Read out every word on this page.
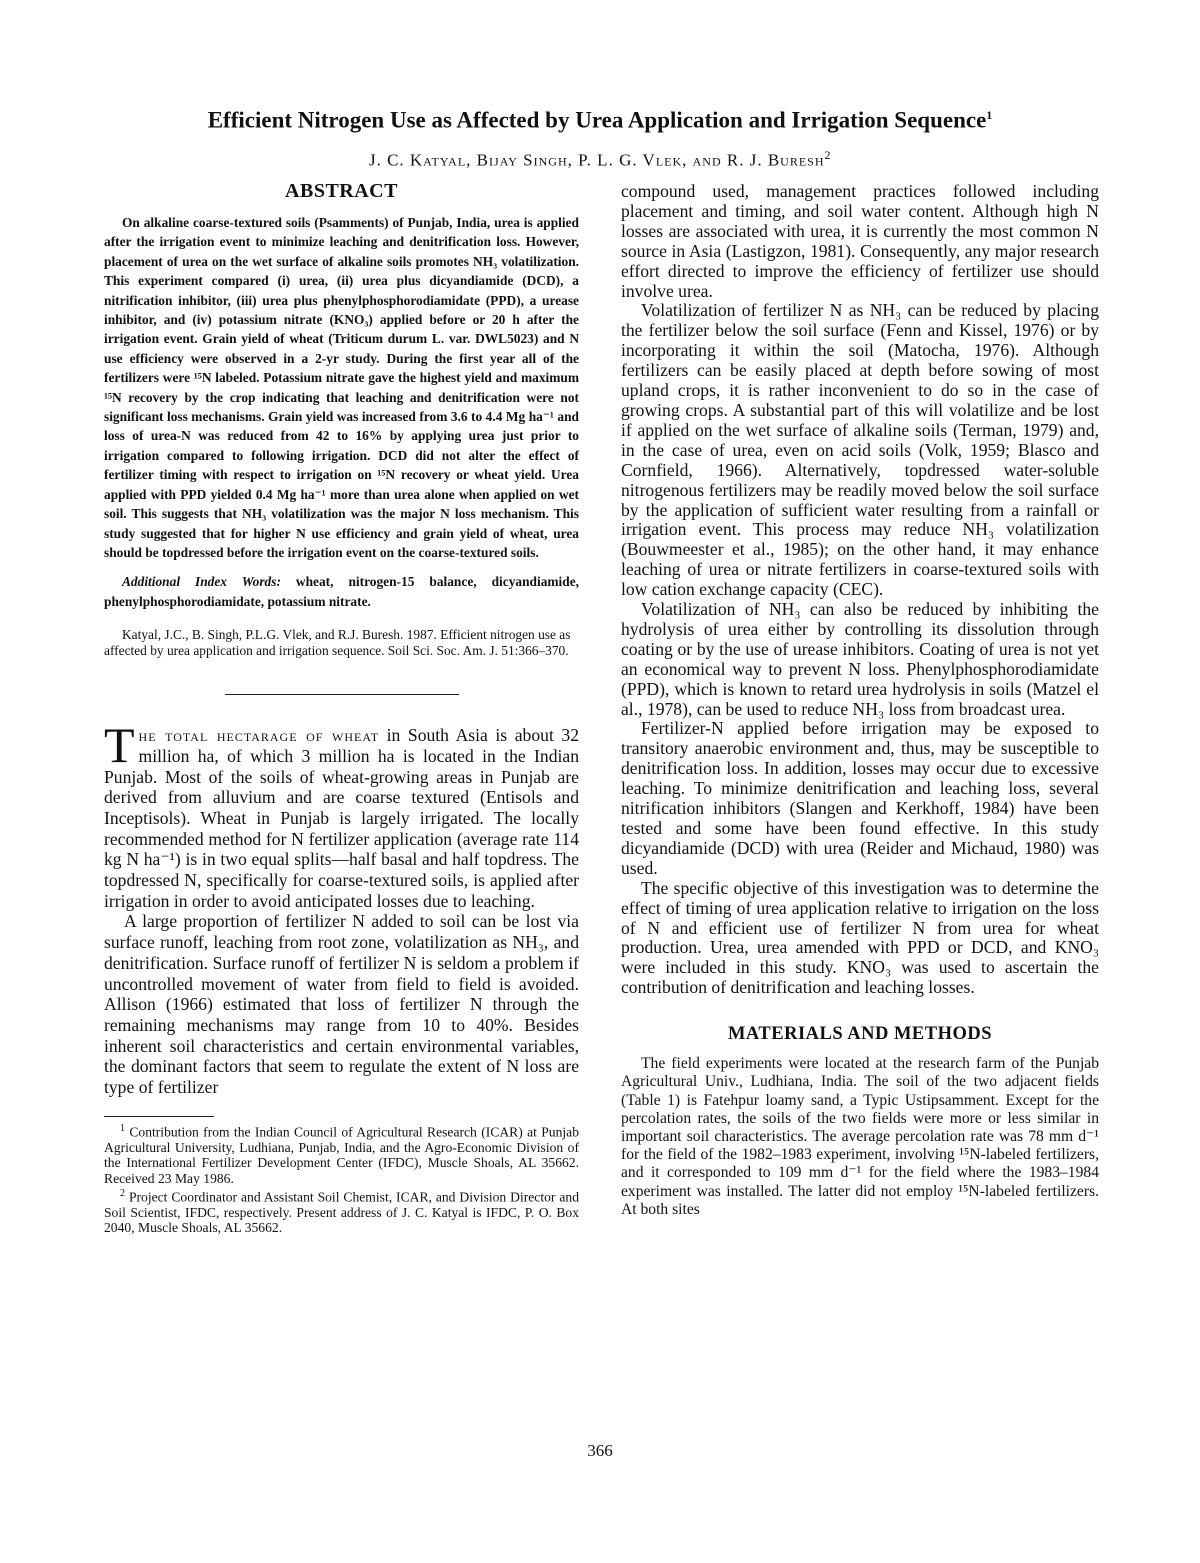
Efficient Nitrogen Use as Affected by Urea Application and Irrigation Sequence$^1$
J. C. Katyal, Bijay Singh, P. L. G. Vlek, and R. J. Buresh$^2$
ABSTRACT

On alkaline coarse-textured soils (Psamments) of Punjab, India, urea is applied after the irrigation event to minimize leaching and denitrification loss. However, placement of urea on the wet surface of alkaline soils promotes NH₃ volatilization. This experiment compared (i) urea, (ii) urea plus dicyandiamide (DCD), a nitrification inhibitor, (iii) urea plus phenylphosphorodiamidate (PPD), a urease inhibitor, and (iv) potassium nitrate (KNO₃) applied before or 20 h after the irrigation event. Grain yield of wheat (Triticum durum L. var. DWL5023) and N use efficiency were observed in a 2-yr study. During the first year all of the fertilizers were ¹⁵N labeled. Potassium nitrate gave the highest yield and maximum ¹⁵N recovery by the crop indicating that leaching and denitrification were not significant loss mechanisms. Grain yield was increased from 3.6 to 4.4 Mg ha⁻¹ and loss of urea-N was reduced from 42 to 16% by applying urea just prior to irrigation compared to following irrigation. DCD did not alter the effect of fertilizer timing with respect to irrigation on ¹⁵N recovery or wheat yield. Urea applied with PPD yielded 0.4 Mg ha⁻¹ more than urea alone when applied on wet soil. This suggests that NH₃ volatilization was the major N loss mechanism. This study suggested that for higher N use efficiency and grain yield of wheat, urea should be topdressed before the irrigation event on the coarse-textured soils.

Additional Index Words: wheat, nitrogen-15 balance, dicyandiamide, phenylphosphorodiamidate, potassium nitrate.

Katyal, J.C., B. Singh, P.L.G. Vlek, and R.J. Buresh. 1987. Efficient nitrogen use as affected by urea application and irrigation sequence. Soil Sci. Soc. Am. J. 51:366–370.

The total hectarage of wheat in South Asia is about 32 million ha, of which 3 million ha is located in the Indian Punjab. Most of the soils of wheat-growing areas in Punjab are derived from alluvium and are coarse textured (Entisols and Inceptisols). Wheat in Punjab is largely irrigated. The locally recommended method for N fertilizer application (average rate 114 kg N ha⁻¹) is in two equal splits—half basal and half topdress. The topdressed N, specifically for coarse-textured soils, is applied after irrigation in order to avoid anticipated losses due to leaching.

A large proportion of fertilizer N added to soil can be lost via surface runoff, leaching from root zone, volatilization as NH₃, and denitrification. Surface runoff of fertilizer N is seldom a problem if uncontrolled movement of water from field to field is avoided. Allison (1966) estimated that loss of fertilizer N through the remaining mechanisms may range from 10 to 40%. Besides inherent soil characteristics and certain environmental variables, the dominant factors that seem to regulate the extent of N loss are type of fertilizer

$^1$ Contribution from the Indian Council of Agricultural Research (ICAR) at Punjab Agricultural University, Ludhiana, Punjab, India, and the Agro-Economic Division of the International Fertilizer Development Center (IFDC), Muscle Shoals, AL 35662. Received 23 May 1986.

$^2$ Project Coordinator and Assistant Soil Chemist, ICAR, and Division Director and Soil Scientist, IFDC, respectively. Present address of J. C. Katyal is IFDC, P. O. Box 2040, Muscle Shoals, AL 35662.

compound used, management practices followed including placement and timing, and soil water content. Although high N losses are associated with urea, it is currently the most common N source in Asia (Lastigzon, 1981). Consequently, any major research effort directed to improve the efficiency of fertilizer use should involve urea.

Volatilization of fertilizer N as NH₃ can be reduced by placing the fertilizer below the soil surface (Fenn and Kissel, 1976) or by incorporating it within the soil (Matocha, 1976). Although fertilizers can be easily placed at depth before sowing of most upland crops, it is rather inconvenient to do so in the case of growing crops. A substantial part of this will volatilize and be lost if applied on the wet surface of alkaline soils (Terman, 1979) and, in the case of urea, even on acid soils (Volk, 1959; Blasco and Cornfield, 1966). Alternatively, topdressed water-soluble nitrogenous fertilizers may be readily moved below the soil surface by the application of sufficient water resulting from a rainfall or irrigation event. This process may reduce NH₃ volatilization (Bouwmeester et al., 1985); on the other hand, it may enhance leaching of urea or nitrate fertilizers in coarse-textured soils with low cation exchange capacity (CEC).

Volatilization of NH₃ can also be reduced by inhibiting the hydrolysis of urea either by controlling its dissolution through coating or by the use of urease inhibitors. Coating of urea is not yet an economical way to prevent N loss. Phenylphosphorodiamidate (PPD), which is known to retard urea hydrolysis in soils (Matzel el al., 1978), can be used to reduce NH₃ loss from broadcast urea.

Fertilizer-N applied before irrigation may be exposed to transitory anaerobic environment and, thus, may be susceptible to denitrification loss. In addition, losses may occur due to excessive leaching. To minimize denitrification and leaching loss, several nitrification inhibitors (Slangen and Kerkhoff, 1984) have been tested and some have been found effective. In this study dicyandiamide (DCD) with urea (Reider and Michaud, 1980) was used.

The specific objective of this investigation was to determine the effect of timing of urea application relative to irrigation on the loss of N and efficient use of fertilizer N from urea for wheat production. Urea, urea amended with PPD or DCD, and KNO₃ were included in this study. KNO₃ was used to ascertain the contribution of denitrification and leaching losses.

MATERIALS AND METHODS

The field experiments were located at the research farm of the Punjab Agricultural Univ., Ludhiana, India. The soil of the two adjacent fields (Table 1) is Fatehpur loamy sand, a Typic Ustipsamment. Except for the percolation rates, the soils of the two fields were more or less similar in important soil characteristics. The average percolation rate was 78 mm d⁻¹ for the field of the 1982–1983 experiment, involving ¹⁵N-labeled fertilizers, and it corresponded to 109 mm d⁻¹ for the field where the 1983–1984 experiment was installed. The latter did not employ ¹⁵N-labeled fertilizers. At both sites

366
